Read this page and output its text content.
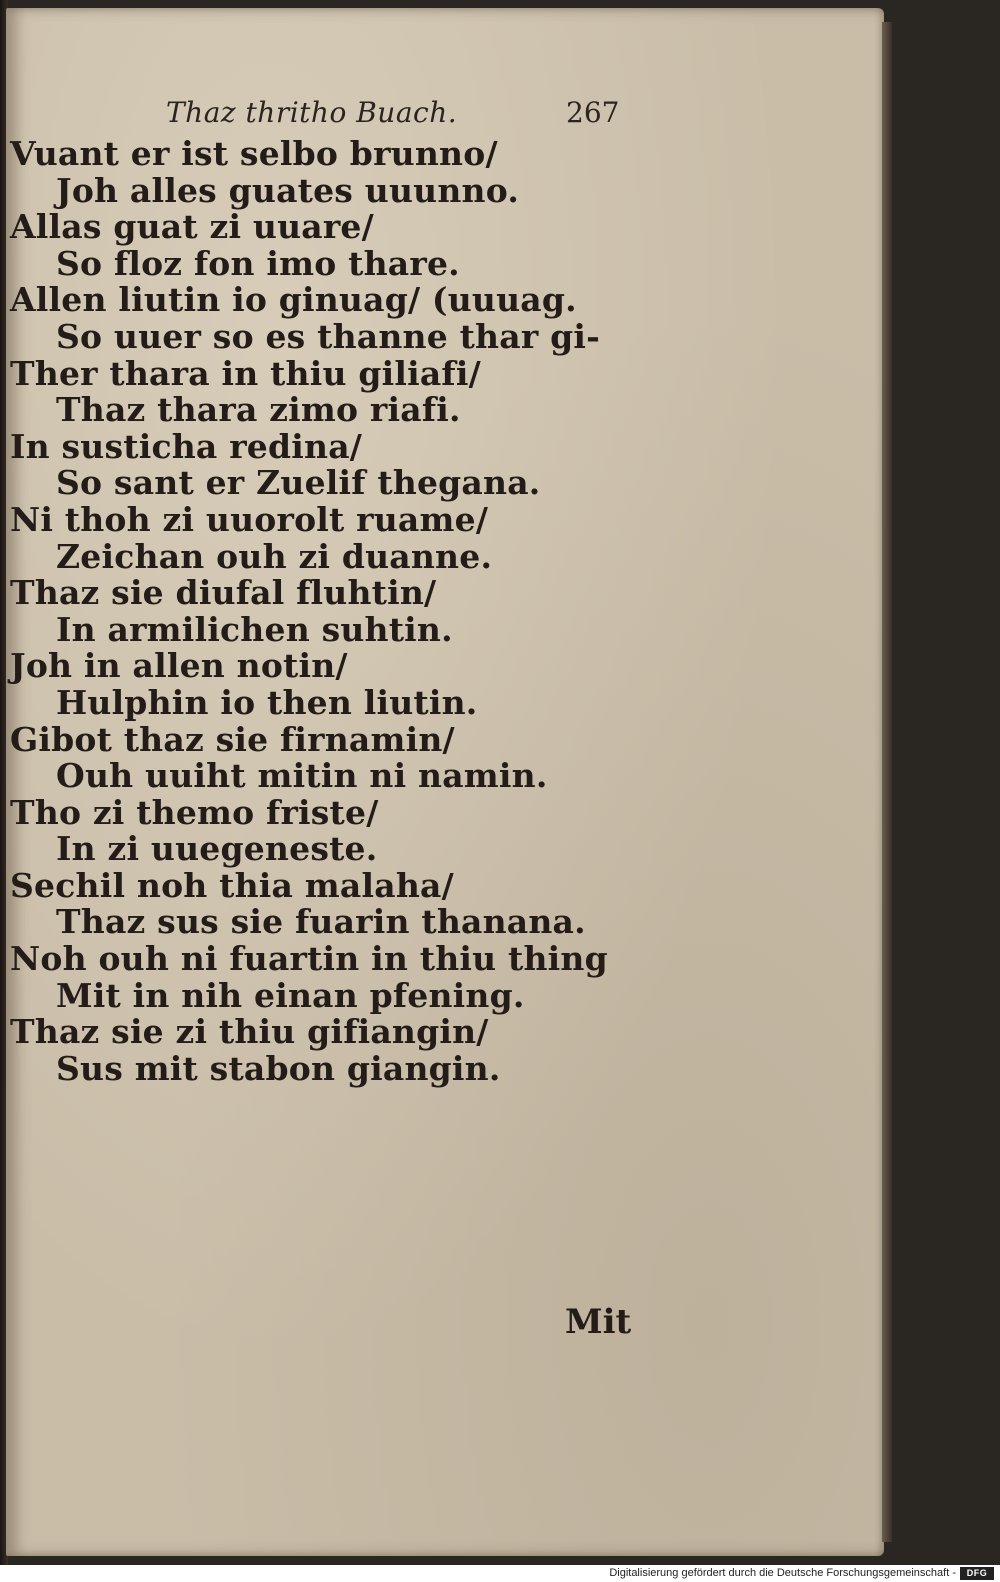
Thaz thritho Buach.	267
Vuant er ist selbo brunno/
Joh alles guates uuunno.
Allas guat zi uuare/
So floz fon imo thare.
Allen liutin io ginuag/ (uuuag.
So uuer so es thanne thar gi-
Ther thara in thiu giliafi/
Thaz thara zimo riafi.
In susticha redina/
So sant er Zuelif thegana.
Ni thoh zi uuorolt ruame/
Zeichan ouh zi duanne.
Thaz sie diufal fluhtin/
In armilichen suhtin.
Joh in allen notin/
Hulphin io then liutin.
Gibot thaz sie firnamin/
Ouh uuiht mitin ni namin.
Tho zi themo friste/
In zi uuegeneste.
Sechil noh thia malaha/
Thaz sus sie fuarin thanana.
Noh ouh ni fuartin in thiu thing
Mit in nih einan pfening.
Thaz sie zi thiu gifiangin/
Sus mit stabon giangin.
Mit
Digitalisierung gefördert durch die Deutsche Forschungsgemeinschaft -	DFG
